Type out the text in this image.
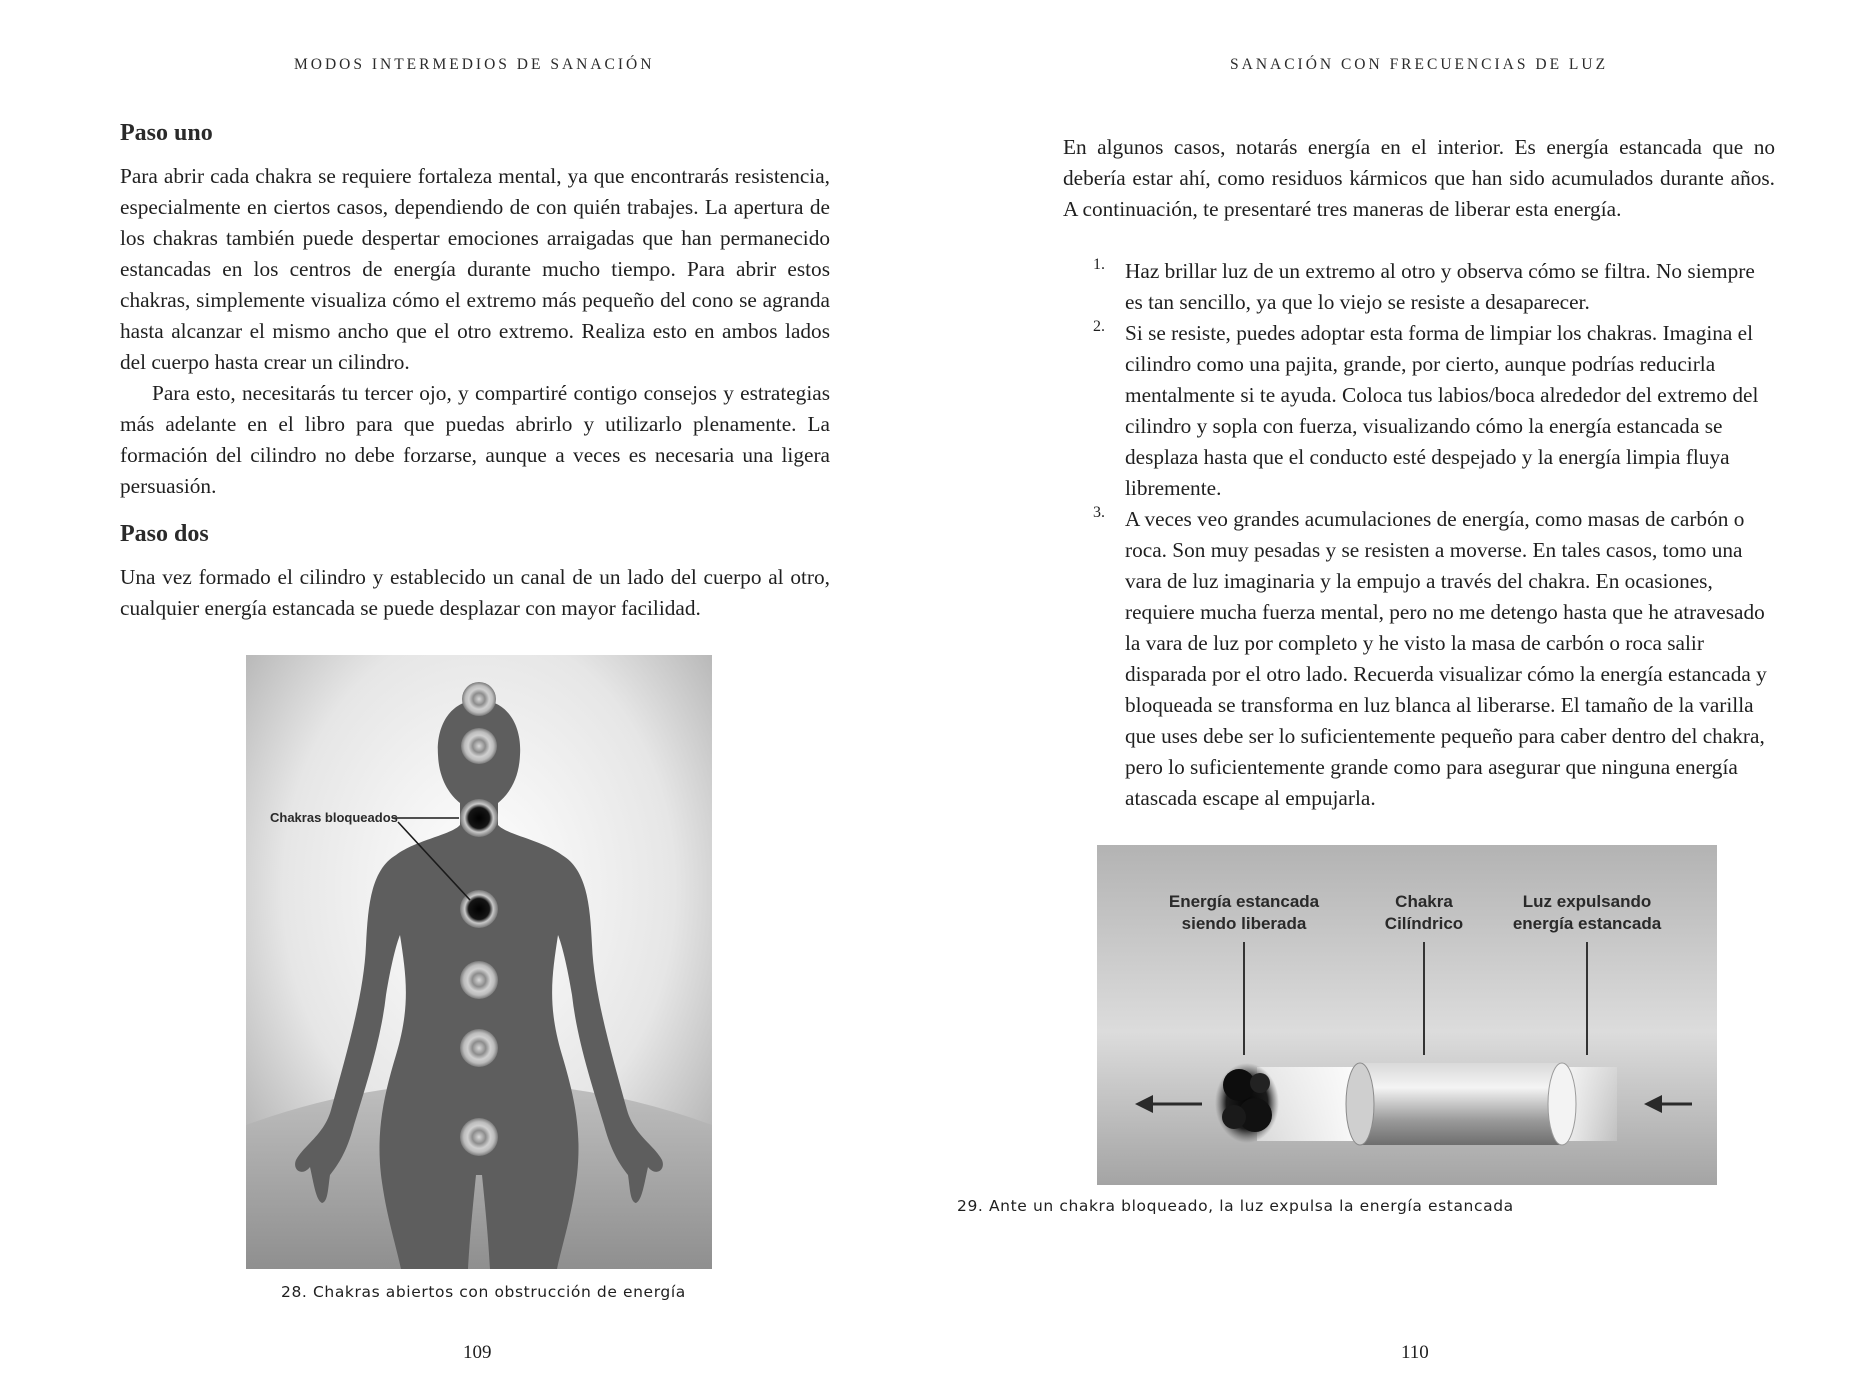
MODOS INTERMEDIOS DE SANACIÓN
Paso uno

Para abrir cada chakra se requiere fortaleza mental, ya que encontrarás resistencia, especialmente en ciertos casos, dependiendo de con quién trabajes. La apertura de los chakras también puede despertar emociones arraigadas que han permanecido estancadas en los centros de energía durante mucho tiempo. Para abrir estos chakras, simplemente visualiza cómo el extremo más pequeño del cono se agranda hasta alcanzar el mismo ancho que el otro extremo. Realiza esto en ambos lados del cuerpo hasta crear un cilindro.

Para esto, necesitarás tu tercer ojo, y compartiré contigo consejos y estrategias más adelante en el libro para que puedas abrirlo y utilizarlo plenamente. La formación del cilindro no debe forzarse, aunque a veces es necesaria una ligera persuasión.

Paso dos

Una vez formado el cilindro y establecido un canal de un lado del cuerpo al otro, cualquier energía estancada se puede desplazar con mayor facilidad.

Chakras bloqueados
28. Chakras abiertos con obstrucción de energía
109
SANACIÓN CON FRECUENCIAS DE LUZ

En algunos casos, notarás energía en el interior. Es energía estancada que no debería estar ahí, como residuos kármicos que han sido acumulados durante años. A continuación, te presentaré tres maneras de liberar esta energía.

1. Haz brillar luz de un extremo al otro y observa cómo se filtra. No siempre es tan sencillo, ya que lo viejo se resiste a desaparecer.

2. Si se resiste, puedes adoptar esta forma de limpiar los chakras. Imagina el cilindro como una pajita, grande, por cierto, aunque podrías reducirla mentalmente si te ayuda. Coloca tus labios/boca alrededor del extremo del cilindro y sopla con fuerza, visualizando cómo la energía estancada se desplaza hasta que el conducto esté despejado y la energía limpia fluya libremente.

3. A veces veo grandes acumulaciones de energía, como masas de carbón o roca. Son muy pesadas y se resisten a moverse. En tales casos, tomo una vara de luz imaginaria y la empujo a través del chakra. En ocasiones, requiere mucha fuerza mental, pero no me detengo hasta que he atravesado la vara de luz por completo y he visto la masa de carbón o roca salir disparada por el otro lado. Recuerda visualizar cómo la energía estancada y bloqueada se transforma en luz blanca al liberarse. El tamaño de la varilla que uses debe ser lo suficientemente pequeño para caber dentro del chakra, pero lo suficientemente grande como para asegurar que ninguna energía atascada escape al empujarla.

Energía estancada
siendo liberada
Chakra
Cilíndrico
Luz expulsando
energía estancada
29. Ante un chakra bloqueado, la luz expulsa la energía estancada
110
